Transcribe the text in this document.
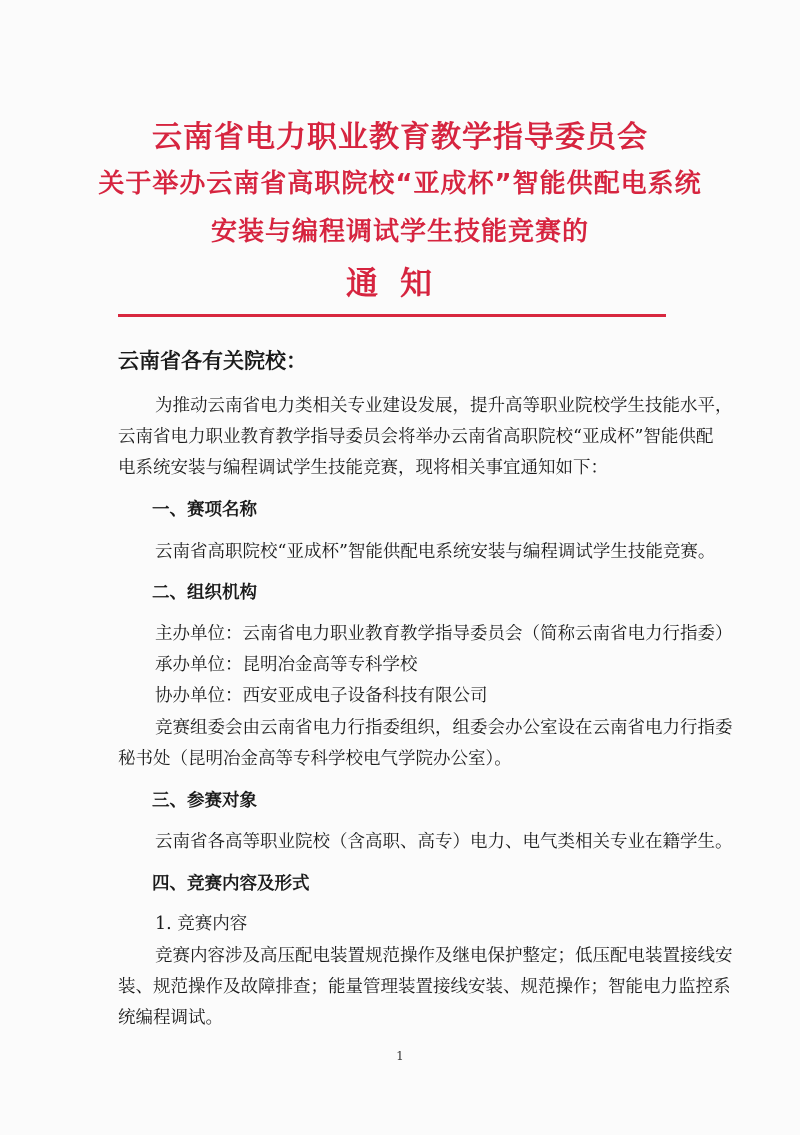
云南省电力职业教育教学指导委员会
关于举办云南省高职院校“亚成杯”智能供配电系统
安装与编程调试学生技能竞赛的
通知
云南省各有关院校：
为推动云南省电力类相关专业建设发展，提升高等职业院校学生技能水平，
云南省电力职业教育教学指导委员会将举办云南省高职院校“亚成杯”智能供配
电系统安装与编程调试学生技能竞赛，现将相关事宜通知如下：
一、赛项名称
云南省高职院校“亚成杯”智能供配电系统安装与编程调试学生技能竞赛。
二、组织机构
主办单位：云南省电力职业教育教学指导委员会（简称云南省电力行指委）
承办单位：昆明冶金高等专科学校
协办单位：西安亚成电子设备科技有限公司
竞赛组委会由云南省电力行指委组织，组委会办公室设在云南省电力行指委
秘书处（昆明冶金高等专科学校电气学院办公室）。
三、参赛对象
云南省各高等职业院校（含高职、高专）电力、电气类相关专业在籍学生。
四、竞赛内容及形式
1. 竞赛内容
竞赛内容涉及高压配电装置规范操作及继电保护整定；低压配电装置接线安
装、规范操作及故障排查；能量管理装置接线安装、规范操作；智能电力监控系
统编程调试。
1
